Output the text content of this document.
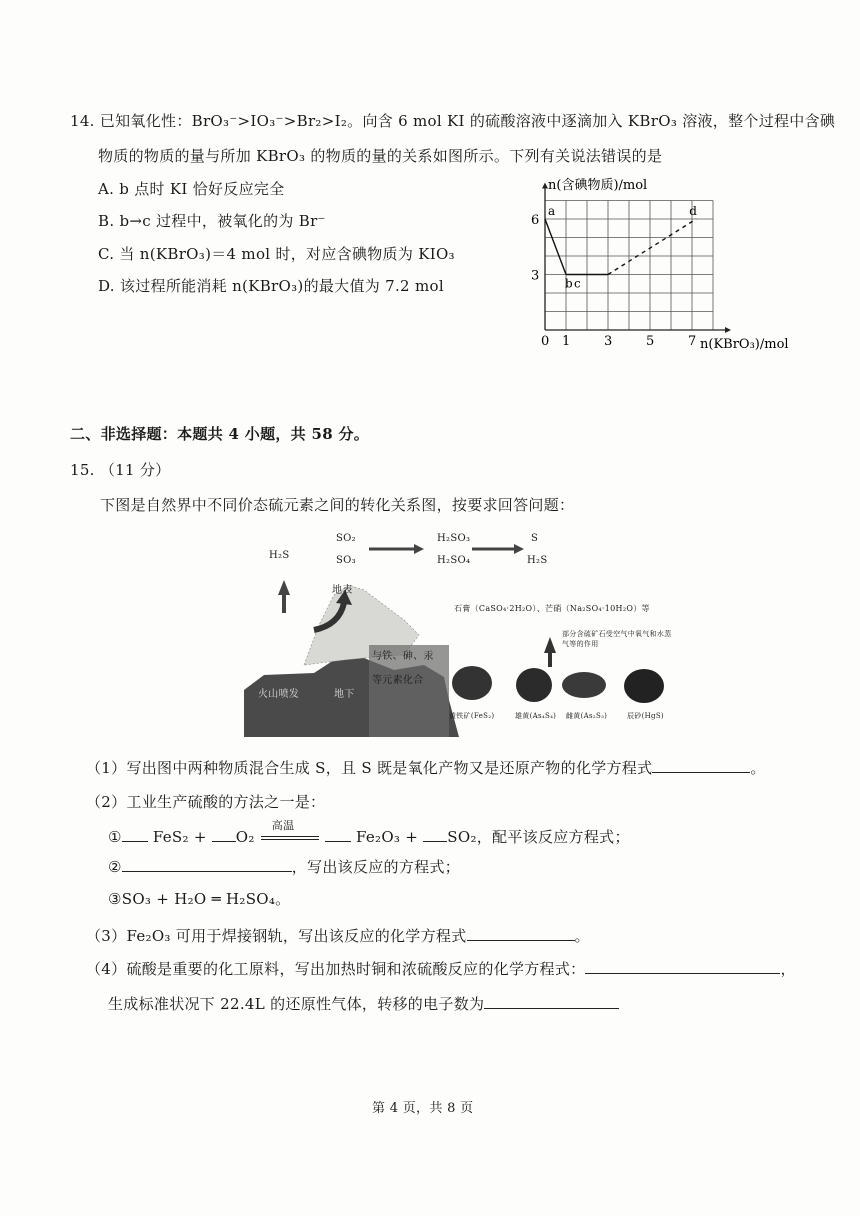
14. 已知氧化性：BrO₃⁻>IO₃⁻>Br₂>I₂。向含 6 mol KI 的硫酸溶液中逐滴加入 KBrO₃ 溶液，整个过程中含碘
物质的物质的量与所加 KBrO₃ 的物质的量的关系如图所示。下列有关说法错误的是
A. b 点时 KI 恰好反应完全
B. b→c 过程中，被氧化的为 Br⁻
C. 当 n(KBrO₃)＝4 mol 时，对应含碘物质为 KIO₃
D. 该过程所能消耗 n(KBrO₃)的最大值为 7.2 mol
n(含碘物质)/mol
n(KBrO₃)/mol
0 1	3	5	7
3
6
a
b c
d
二、非选择题：本题共 4 小题，共 58 分。
15. （11 分）
下图是自然界中不同价态硫元素之间的转化关系图，按要求回答问题：
H₂S
SO₂
SO₃
H₂SO₃
H₂SO₄
S
H₂S
地表
石膏（CaSO₄·2H₂O）、芒硝（Na₂SO₄·10H₂O）等
部分含硫矿石受空气中氧气和水蒸气等的作用
与铁、砷、汞
等元素化合
火山喷发	地下
黄铁矿(FeS₂)	雄黄(As₄S₄) 雌黄(As₂S₃)	辰砂(HgS)
（1）写出图中两种物质混合生成 S，且 S 既是氧化产物又是还原产物的化学方程式	。
（2）工业生产硫酸的方法之一是：
① FeS₂ + O₂
高温
Fe₂O₃ + SO₂，配平该反应方程式；
②	，写出该反应的方程式；
③SO₃ + H₂O ═ H₂SO₄。
（3）Fe₂O₃ 可用于焊接钢轨，写出该反应的化学方程式	。
（4）硫酸是重要的化工原料，写出加热时铜和浓硫酸反应的化学方程式：	，
生成标准状况下 22.4L 的还原性气体，转移的电子数为
第 4 页，共 8 页
